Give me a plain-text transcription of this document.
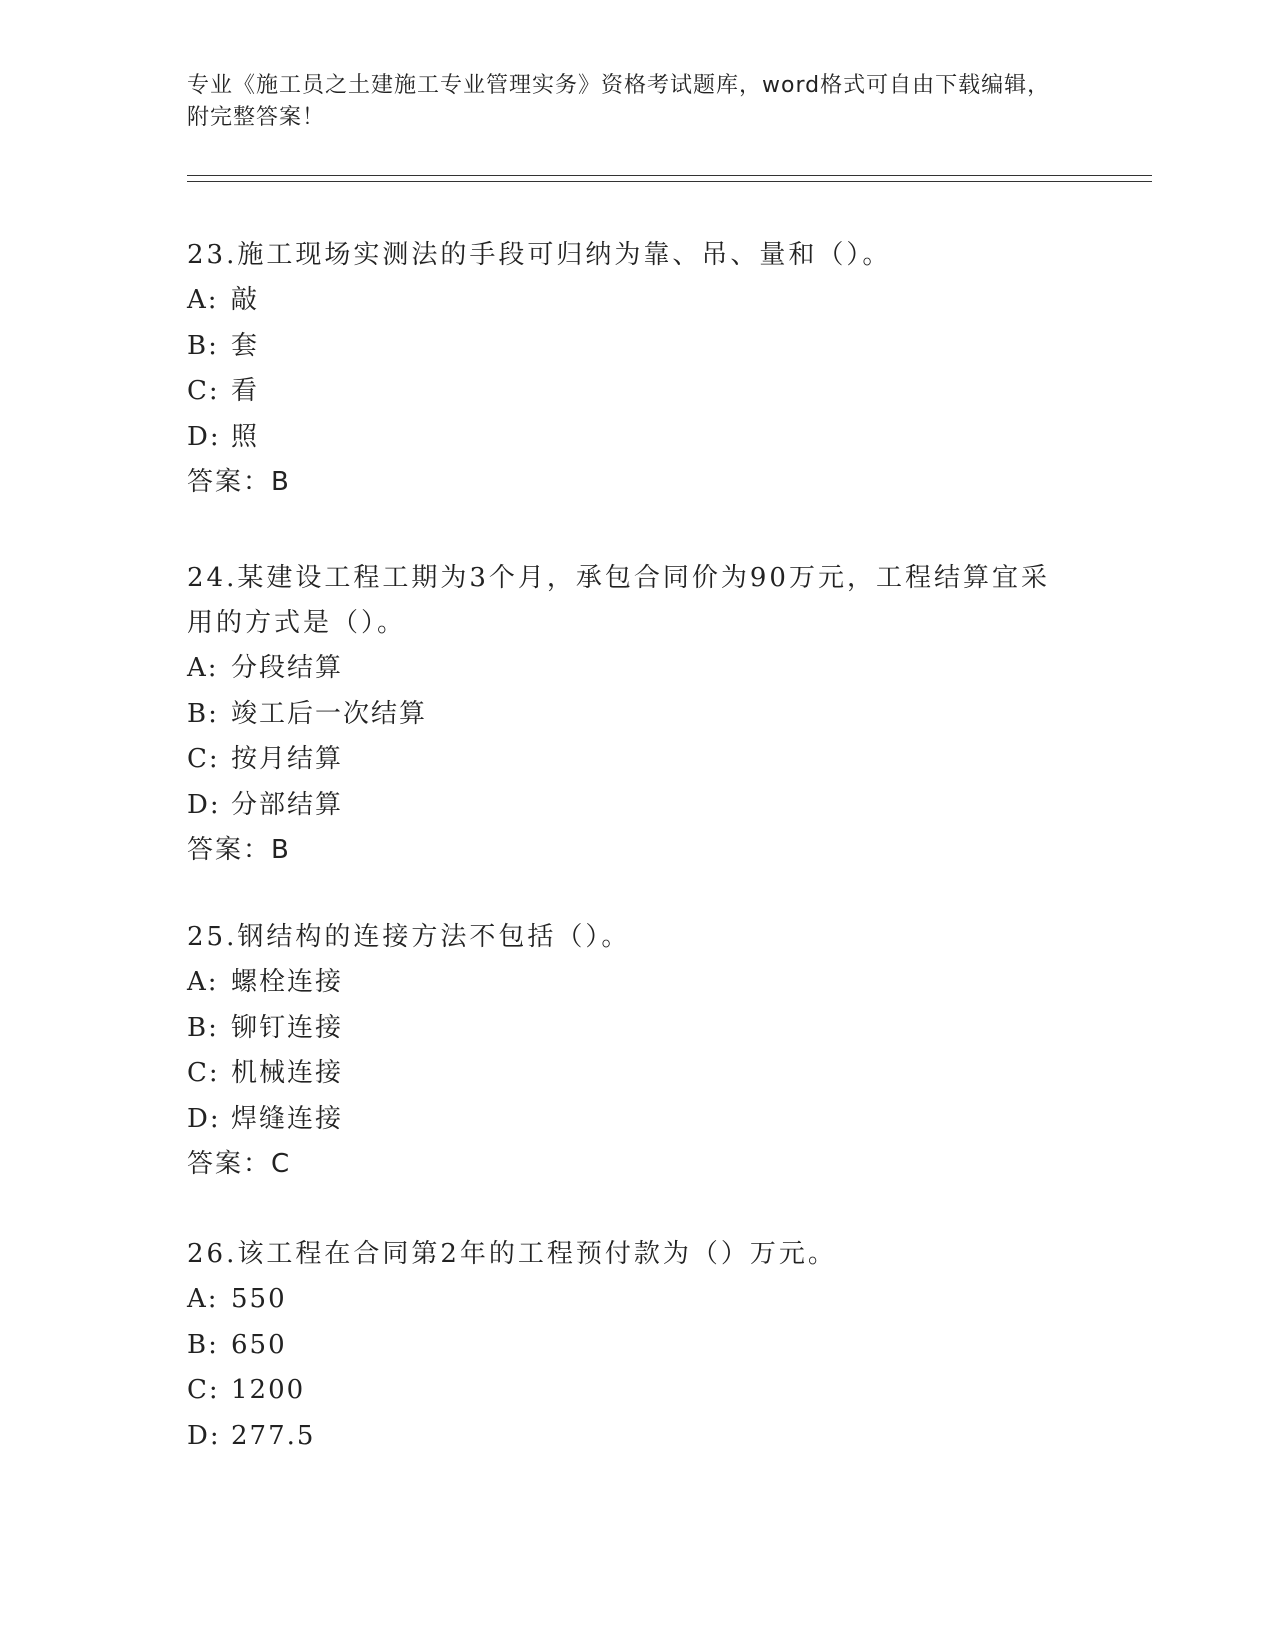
专业《施工员之土建施工专业管理实务》资格考试题库，word格式可自由下载编辑，附完整答案！

23.施工现场实测法的手段可归纳为靠、吊、量和（）。

A: 敲
B: 套
C: 看
D: 照
答案：B

24.某建设工程工期为3个月，承包合同价为90万元，工程结算宜采用的方式是（）。

A: 分段结算
B: 竣工后一次结算
C: 按月结算
D: 分部结算
答案：B

25.钢结构的连接方法不包括（）。

A: 螺栓连接
B: 铆钉连接
C: 机械连接
D: 焊缝连接
答案：C

26.该工程在合同第2年的工程预付款为（）万元。

A: 550
B: 650
C: 1200
D: 277.5
